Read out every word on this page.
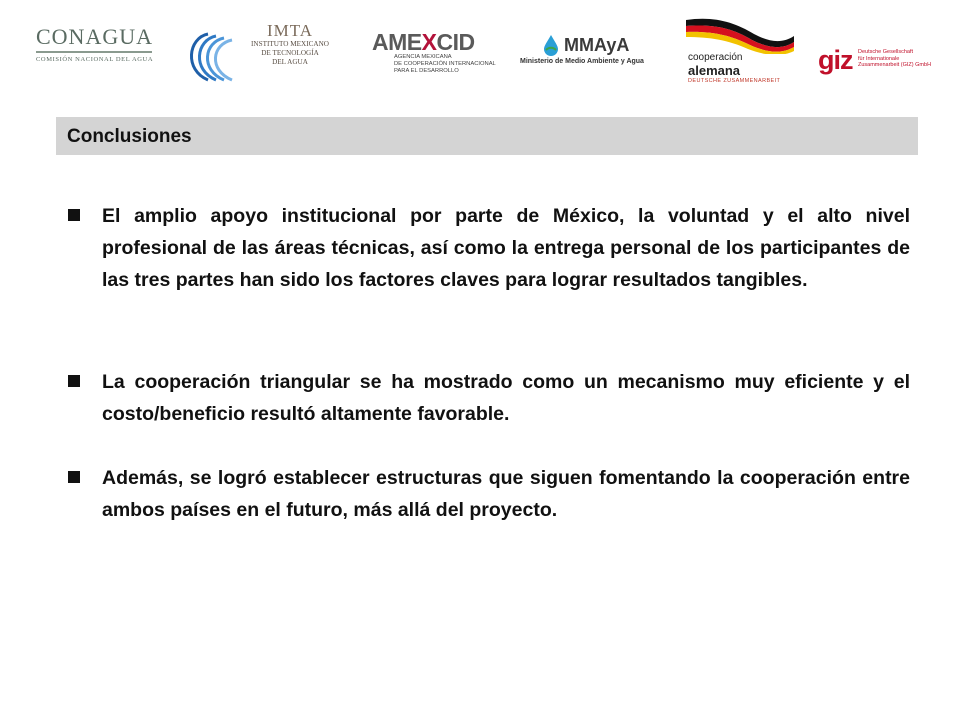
CONAGUA
COMISIÓN NACIONAL DEL AGUA
IMTA
INSTITUTO MEXICANO
DE TECNOLOGÍA
DEL AGUA
AMEXCID
AGENCIA MEXICANA
DE COOPERACIÓN INTERNACIONAL
PARA EL DESARROLLO
MMAyA
Ministerio de Medio Ambiente y Agua	cooperación
alemana
DEUTSCHE ZUSAMMENARBEIT
giz Deutsche Gesellschaft
für Internationale
Zusammenarbeit (GIZ) GmbH
Conclusiones
El amplio apoyo institucional por parte de México, la voluntad y el alto nivel profesional de las áreas técnicas, así como la entrega personal de los participantes de las tres partes han sido los factores claves para lograr resultados tangibles.
La cooperación triangular se ha mostrado como un mecanismo muy eficiente y el costo/beneficio resultó altamente favorable.
Además, se logró establecer estructuras que siguen fomentando la cooperación entre ambos países en el futuro, más allá del proyecto.
